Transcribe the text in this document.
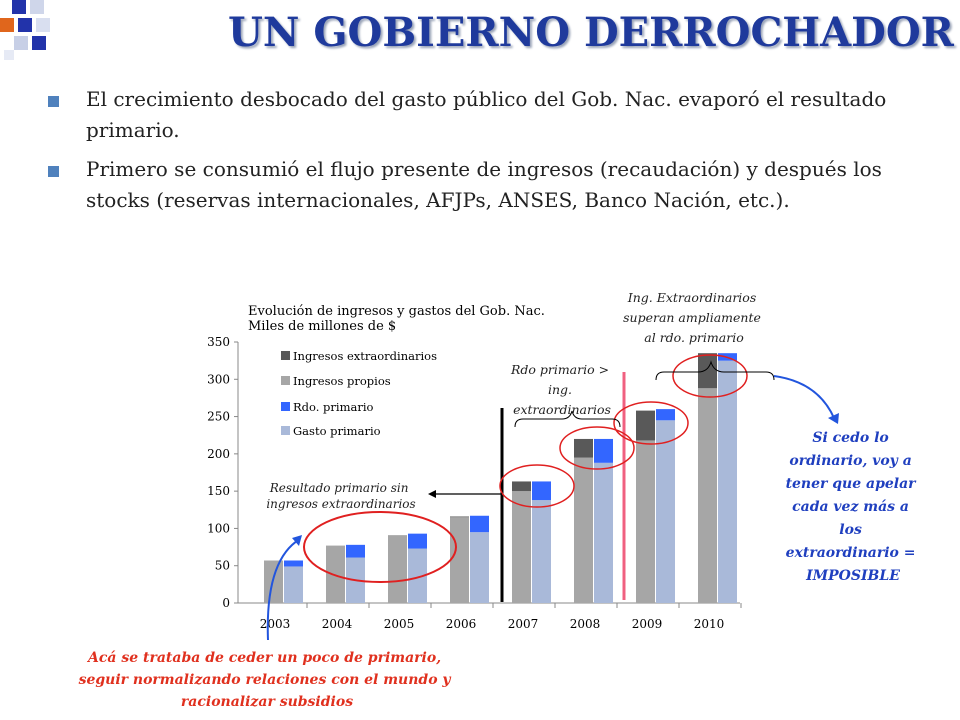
UN GOBIERNO DERROCHADOR
El crecimiento desbocado del gasto público del Gob. Nac. evaporó el resultado primario.
Primero se consumió el flujo presente de ingresos (recaudación) y después los stocks (reservas internacionales, AFJPs, ANSES, Banco Nación, etc.).
Evolución de ingresos y gastos del Gob. Nac.
Miles de millones de $
0
50
100
150
200
250
300
350
2003	2004	2005	2006	2007	2008	2009	2010
Ingresos extraordinarios
Ingresos propios
Rdo. primario
Gasto primario
Resultado primario sin ingresos extraordinarios
Rdo primario > ing. extraordinarios
Ing. Extraordinarios superan ampliamente al rdo. primario
Si cedo lo ordinario, voy a tener que apelar cada vez más a los extraordinario = IMPOSIBLE
Acá se trataba de ceder un poco de primario, seguir normalizando relaciones con el mundo y racionalizar subsidios
